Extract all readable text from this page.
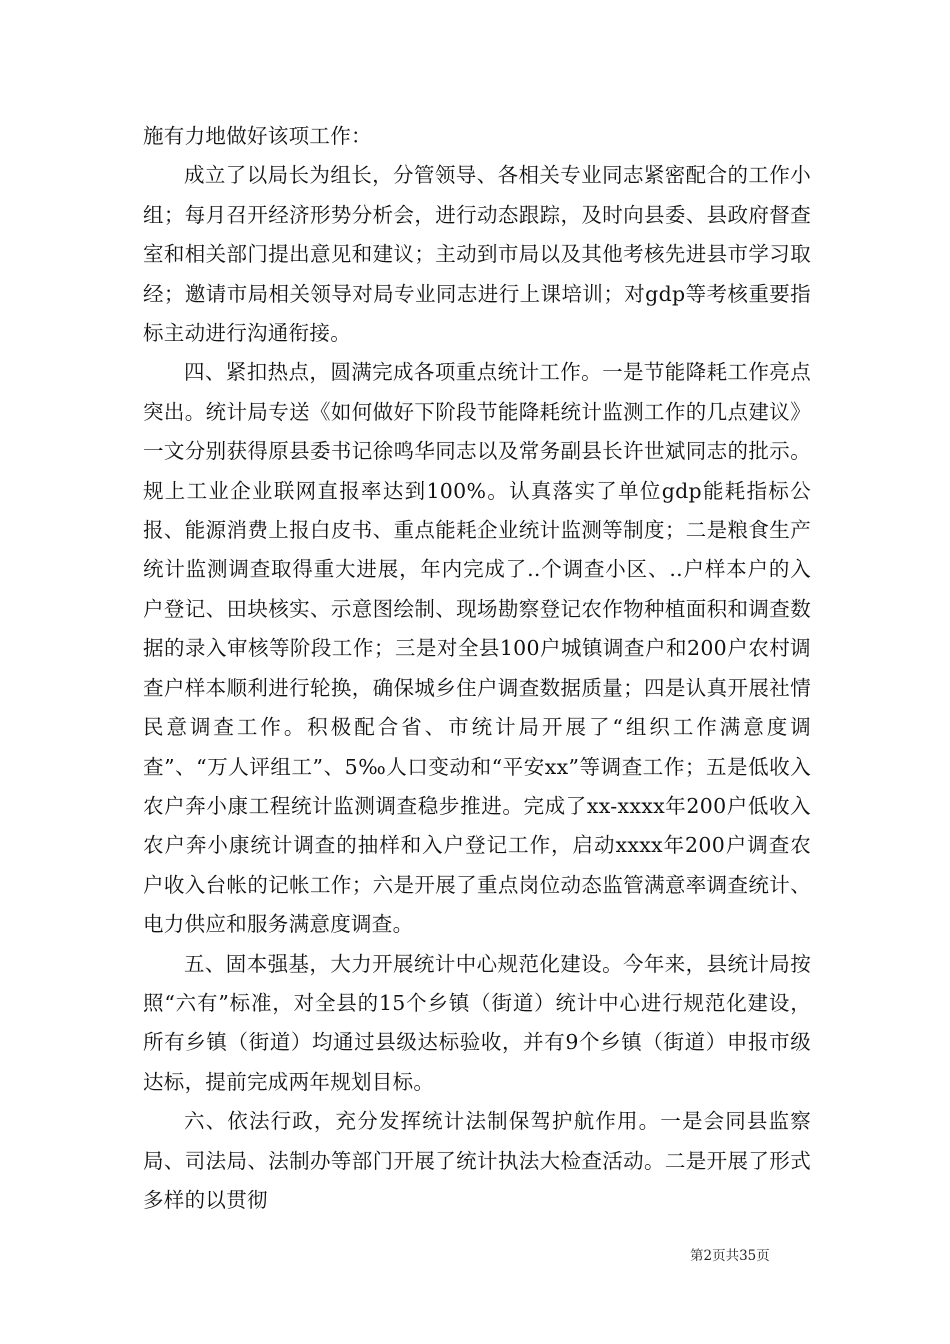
施有力地做好该项工作：

成立了以局长为组长，分管领导、各相关专业同志紧密配合的工作小组；每月召开经济形势分析会，进行动态跟踪，及时向县委、县政府督查室和相关部门提出意见和建议；主动到市局以及其他考核先进县市学习取经；邀请市局相关领导对局专业同志进行上课培训；对gdp等考核重要指标主动进行沟通衔接。

四、紧扣热点，圆满完成各项重点统计工作。一是节能降耗工作亮点突出。统计局专送《如何做好下阶段节能降耗统计监测工作的几点建议》一文分别获得原县委书记徐鸣华同志以及常务副县长许世斌同志的批示。规上工业企业联网直报率达到100%。认真落实了单位gdp能耗指标公报、能源消费上报白皮书、重点能耗企业统计监测等制度；二是粮食生产统计监测调查取得重大进展，年内完成了..个调查小区、..户样本户的入户登记、田块核实、示意图绘制、现场勘察登记农作物种植面积和调查数据的录入审核等阶段工作；三是对全县100户城镇调查户和200户农村调查户样本顺利进行轮换，确保城乡住户调查数据质量；四是认真开展社情民意调查工作。积极配合省、市统计局开展了“组织工作满意度调查”、“万人评组工”、5‰人口变动和“平安xx”等调查工作；五是低收入农户奔小康工程统计监测调查稳步推进。完成了xx-xxxx年200户低收入农户奔小康统计调查的抽样和入户登记工作，启动xxxx年200户调查农户收入台帐的记帐工作；六是开展了重点岗位动态监管满意率调查统计、电力供应和服务满意度调查。

五、固本强基，大力开展统计中心规范化建设。今年来，县统计局按照“六有”标准，对全县的15个乡镇（街道）统计中心进行规范化建设，所有乡镇（街道）均通过县级达标验收，并有9个乡镇（街道）申报市级达标，提前完成两年规划目标。

六、依法行政，充分发挥统计法制保驾护航作用。一是会同县监察局、司法局、法制办等部门开展了统计执法大检查活动。二是开展了形式多样的以贯彻

第2页共35页
